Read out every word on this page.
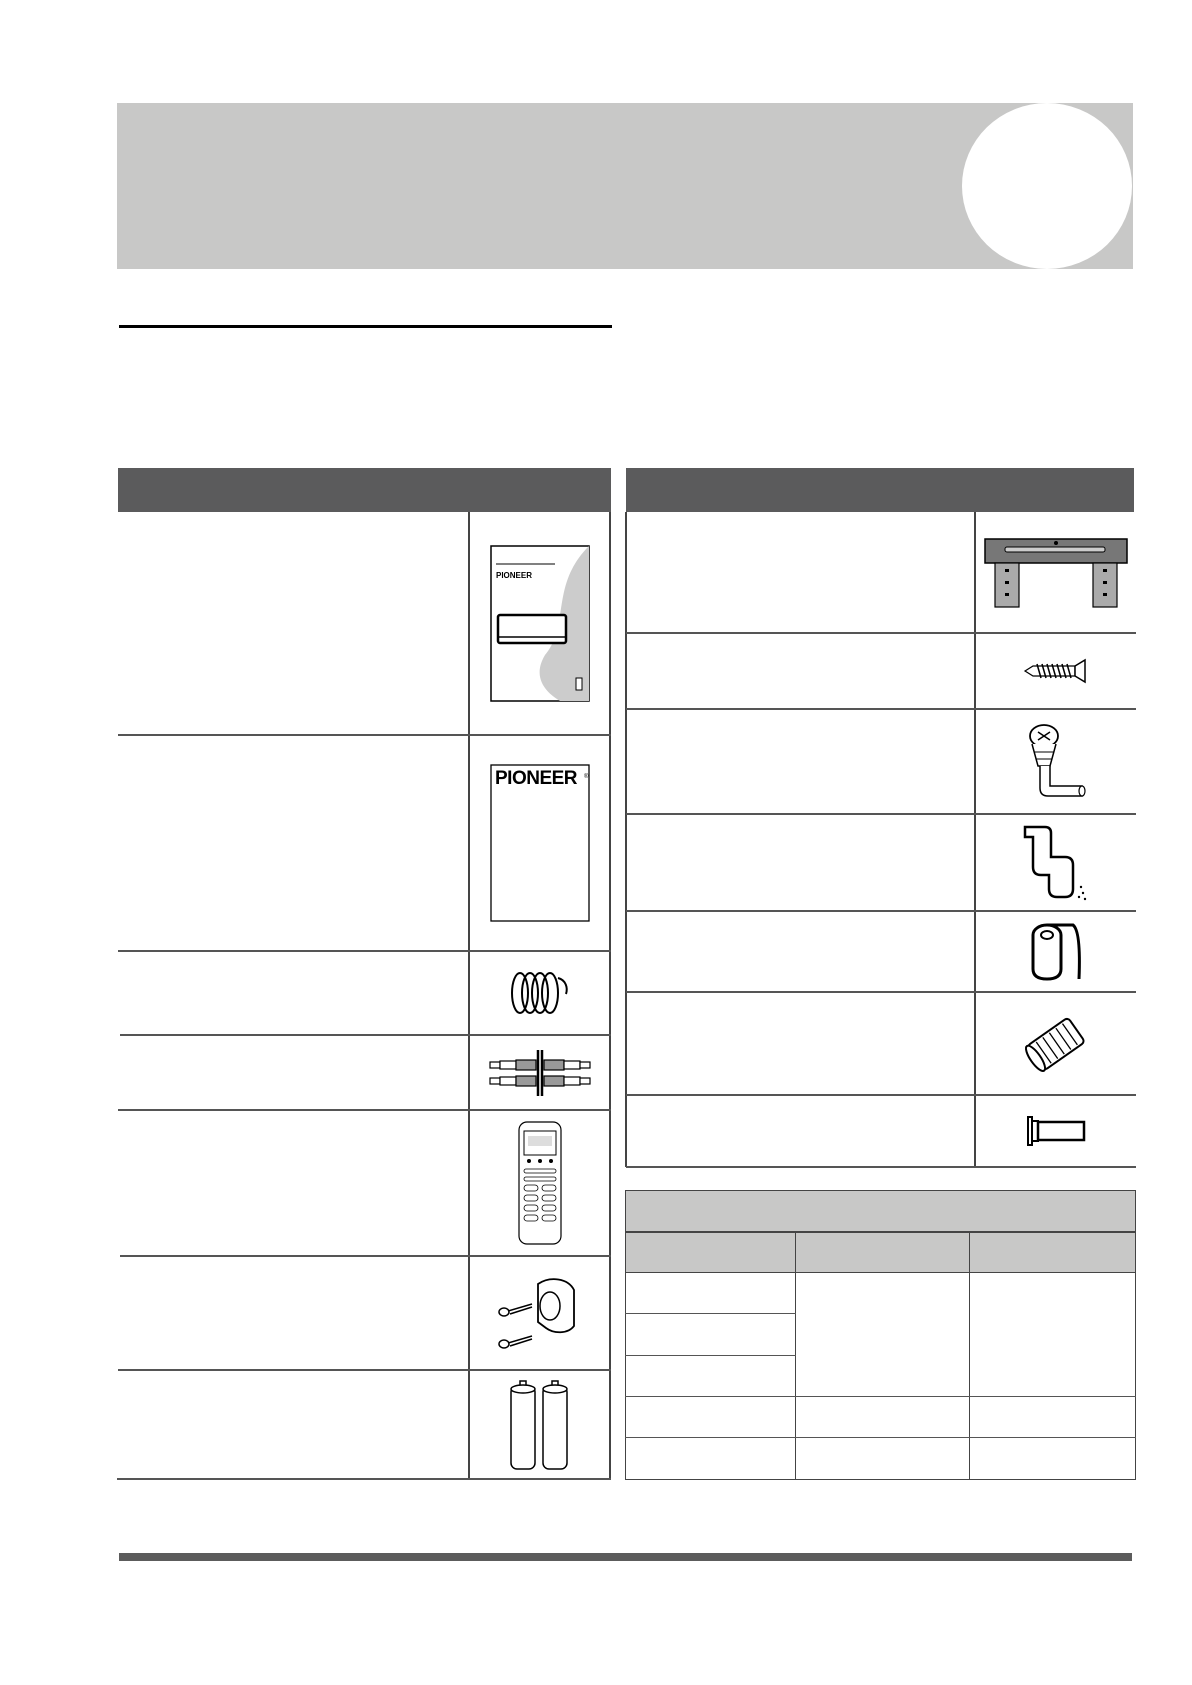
PIONEER
PIONEER ®
